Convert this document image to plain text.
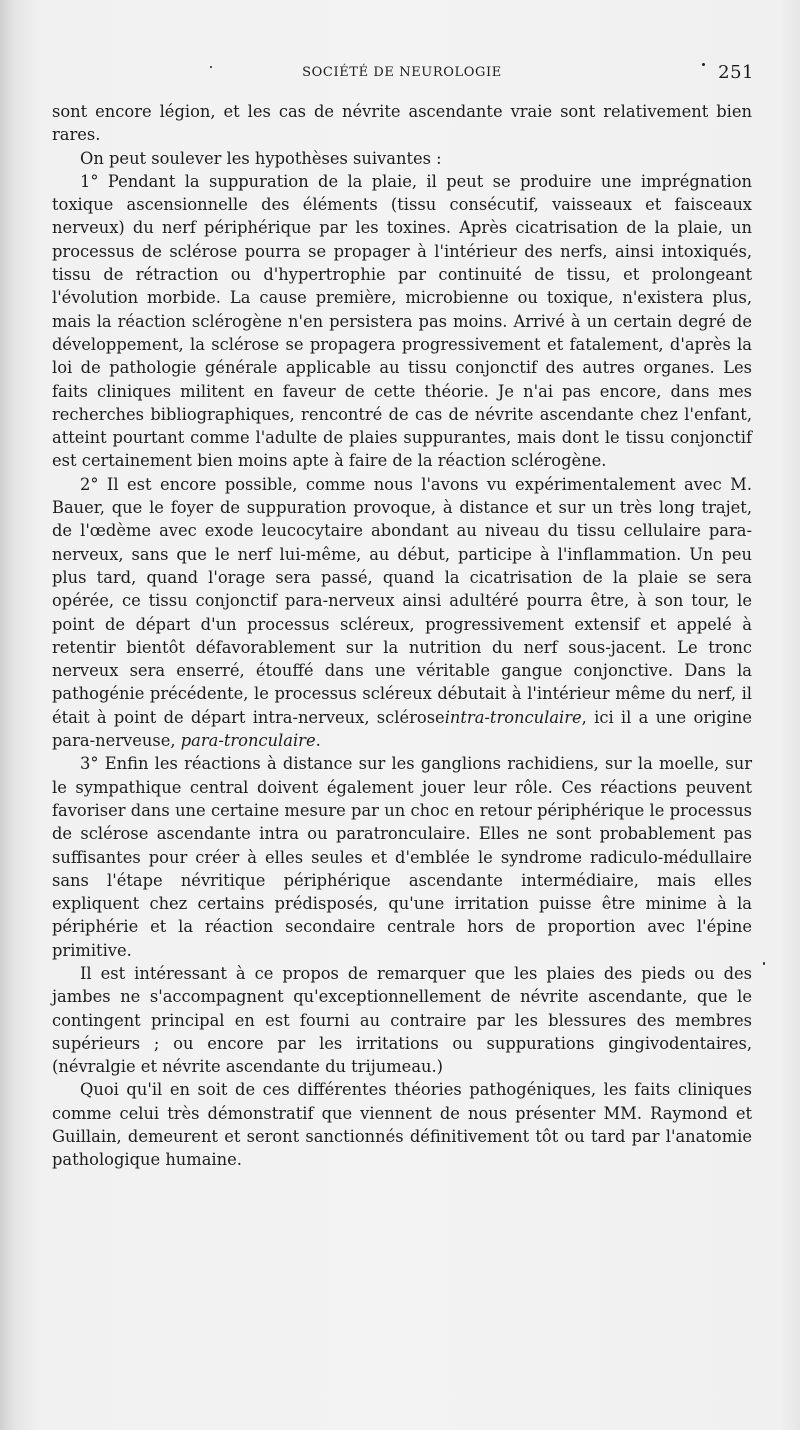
SOCIÉTÉ DE NEUROLOGIE	251

sont encore légion, et les cas de névrite ascendante vraie sont relativement bien rares.

On peut soulever les hypothèses suivantes :

1° Pendant la suppuration de la plaie, il peut se produire une imprégnation toxique ascensionnelle des éléments (tissu consécutif, vaisseaux et faisceaux nerveux) du nerf périphérique par les toxines. Après cicatrisation de la plaie, un processus de sclérose pourra se propager à l'intérieur des nerfs, ainsi intoxiqués, tissu de rétraction ou d'hypertrophie par continuité de tissu, et prolongeant l'évolution morbide. La cause première, microbienne ou toxique, n'existera plus, mais la réaction sclérogène n'en persistera pas moins. Arrivé à un certain degré de développement, la sclérose se propagera progressivement et fatalement, d'après la loi de pathologie générale applicable au tissu conjonctif des autres organes. Les faits cliniques militent en faveur de cette théorie. Je n'ai pas encore, dans mes recherches bibliographiques, rencontré de cas de névrite ascendante chez l'enfant, atteint pourtant comme l'adulte de plaies suppurantes, mais dont le tissu conjonctif est certainement bien moins apte à faire de la réaction sclérogène.

2° Il est encore possible, comme nous l'avons vu expérimentalement avec M. Bauer, que le foyer de suppuration provoque, à distance et sur un très long trajet, de l'œdème avec exode leucocytaire abondant au niveau du tissu cellulaire para-nerveux, sans que le nerf lui-même, au début, participe à l'inflammation. Un peu plus tard, quand l'orage sera passé, quand la cicatrisation de la plaie se sera opérée, ce tissu conjonctif para-nerveux ainsi adultéré pourra être, à son tour, le point de départ d'un processus scléreux, progressivement extensif et appelé à retentir bientôt défavorablement sur la nutrition du nerf sous-jacent. Le tronc nerveux sera enserré, étouffé dans une véritable gangue conjonctive. Dans la pathogénie précédente, le processus scléreux débutait à l'intérieur même du nerf, il était à point de départ intra-nerveux, scléroseintra-tronculaire, ici il a une origine para-nerveuse, para-tronculaire.

3° Enfin les réactions à distance sur les ganglions rachidiens, sur la moelle, sur le sympathique central doivent également jouer leur rôle. Ces réactions peuvent favoriser dans une certaine mesure par un choc en retour périphérique le processus de sclérose ascendante intra ou paratronculaire. Elles ne sont probablement pas suffisantes pour créer à elles seules et d'emblée le syndrome radiculo-médullaire sans l'étape névritique périphérique ascendante intermédiaire, mais elles expliquent chez certains prédisposés, qu'une irritation puisse être minime à la périphérie et la réaction secondaire centrale hors de proportion avec l'épine primitive.

Il est intéressant à ce propos de remarquer que les plaies des pieds ou des jambes ne s'accompagnent qu'exceptionnellement de névrite ascendante, que le contingent principal en est fourni au contraire par les blessures des membres supérieurs ; ou encore par les irritations ou suppurations gingivodentaires, (névralgie et névrite ascendante du trijumeau.)

Quoi qu'il en soit de ces différentes théories pathogéniques, les faits cliniques comme celui très démonstratif que viennent de nous présenter MM. Raymond et Guillain, demeurent et seront sanctionnés définitivement tôt ou tard par l'anatomie pathologique humaine.
